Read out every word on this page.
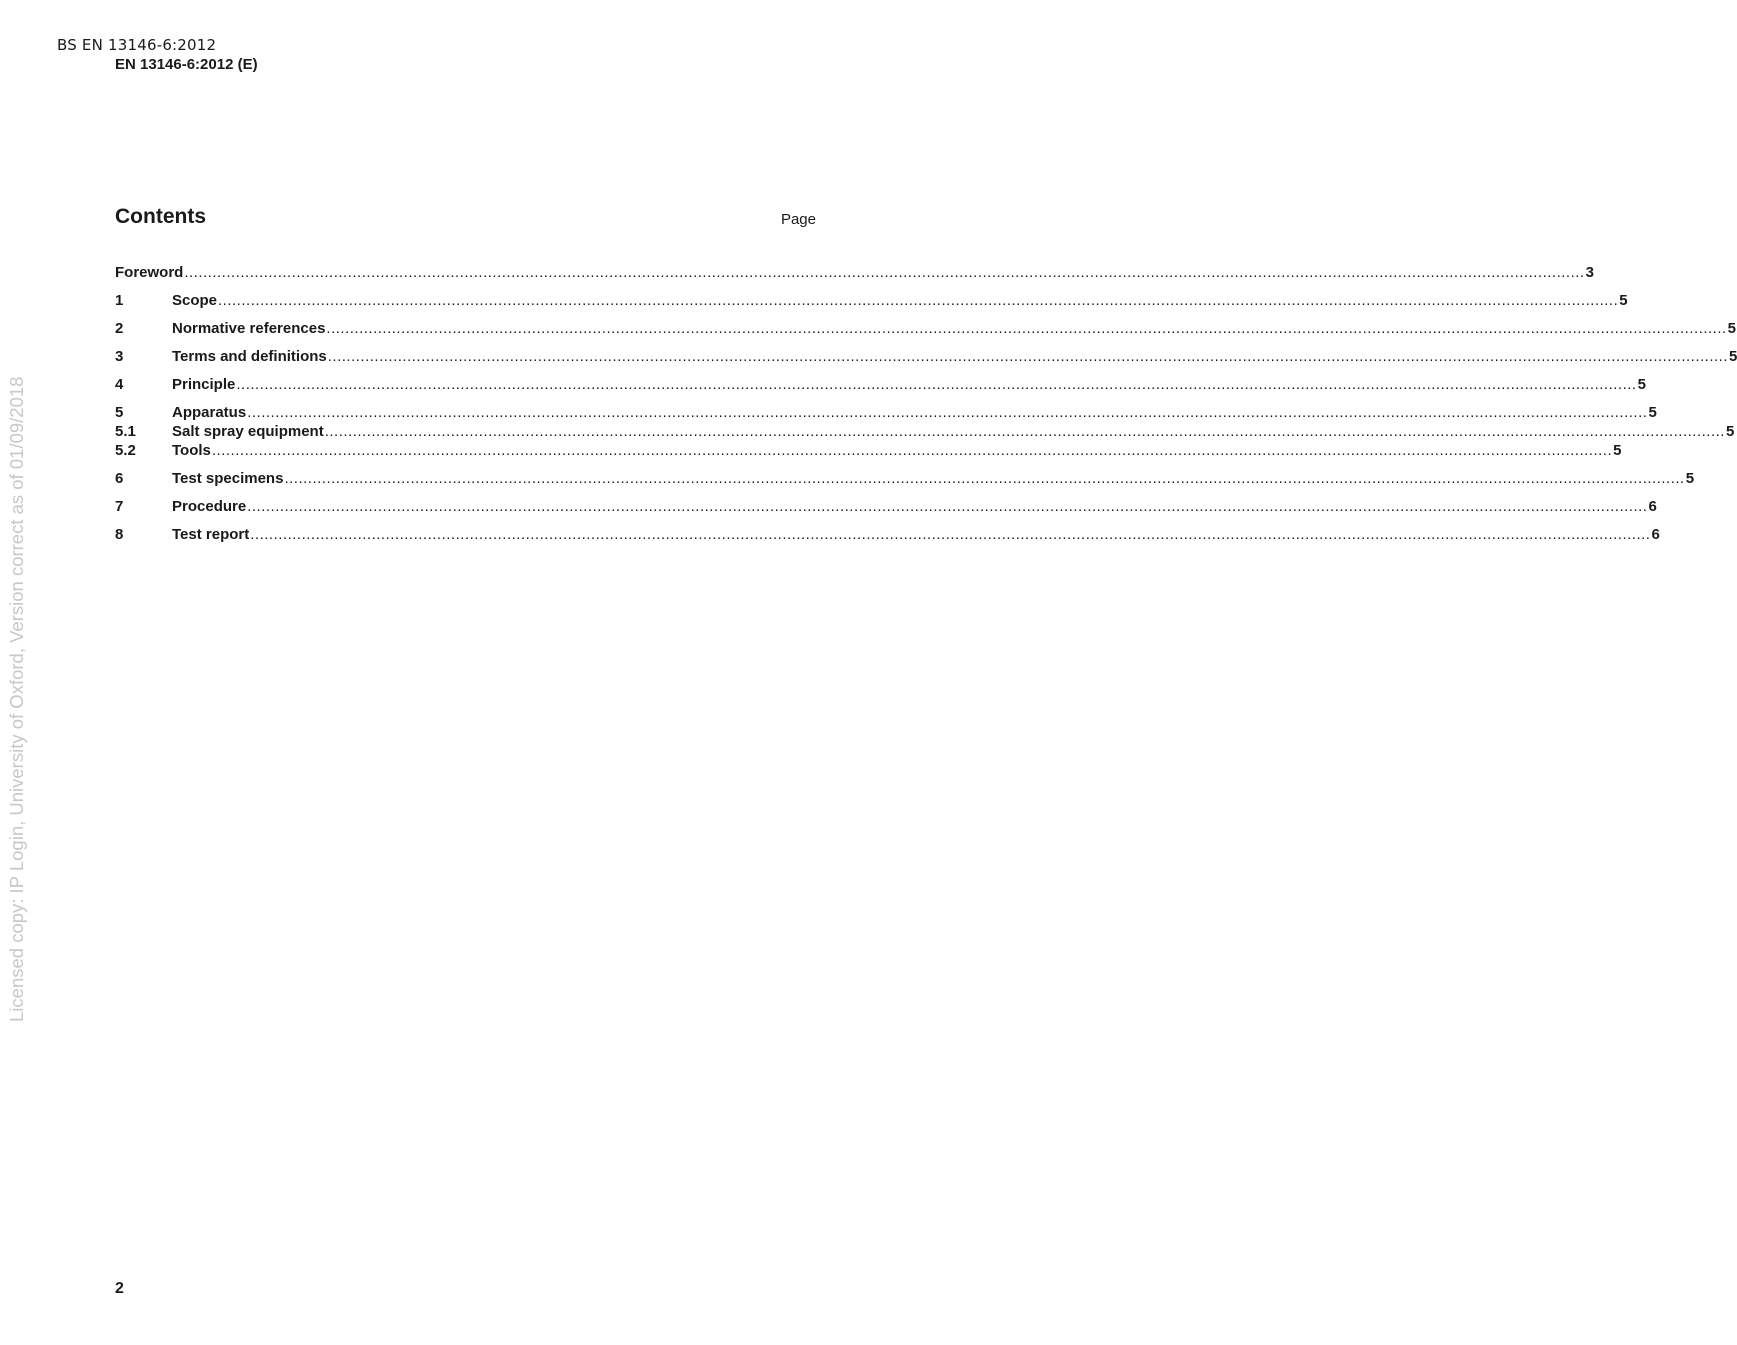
BS EN 13146-6:2012
EN 13146-6:2012 (E)
Contents	Page
Foreword ............................................................................................................................................................................................................................................................................................................ 3
1	Scope ............................................................................................................................................................................................................................................................................................................ 5
2	Normative references ............................................................................................................................................................................................................................................................................................................ 5
3	Terms and definitions ............................................................................................................................................................................................................................................................................................................ 5
4	Principle ............................................................................................................................................................................................................................................................................................................ 5
5	Apparatus ............................................................................................................................................................................................................................................................................................................ 5
5.1	Salt spray equipment ............................................................................................................................................................................................................................................................................................................ 5
5.2	Tools ............................................................................................................................................................................................................................................................................................................ 5
6	Test specimens ............................................................................................................................................................................................................................................................................................................ 5
7	Procedure ............................................................................................................................................................................................................................................................................................................ 6
8	Test report ............................................................................................................................................................................................................................................................................................................ 6
2
Licensed copy: IP Login, University of Oxford, Version correct as of 01/09/2018
